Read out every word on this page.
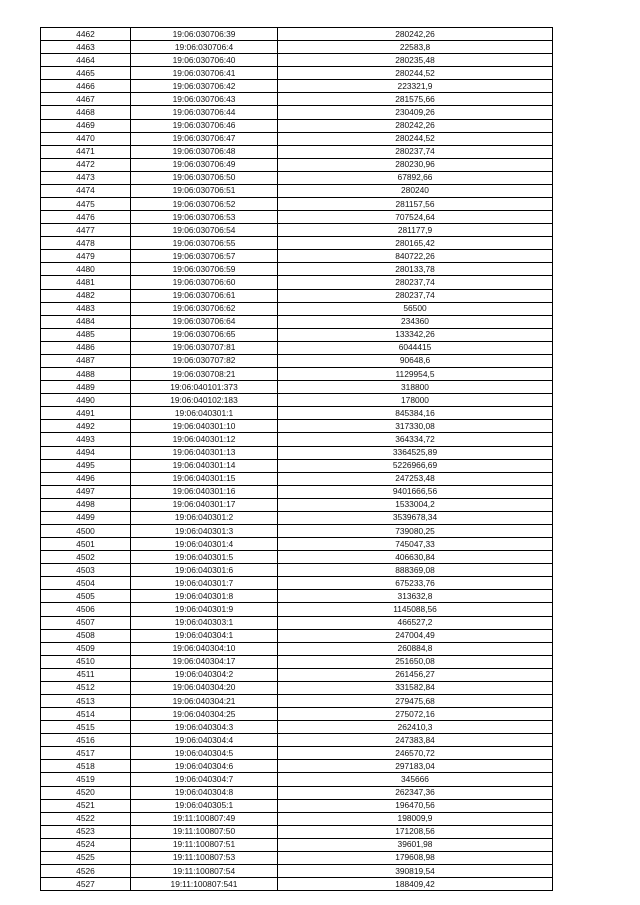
4462	19:06:030706:39	280242,26
4463	19:06:030706:4	22583,8
4464	19:06:030706:40	280235,48
4465	19:06:030706:41	280244,52
4466	19:06:030706:42	223321,9
4467	19:06:030706:43	281575,66
4468	19:06:030706:44	230409,26
4469	19:06:030706:46	280242,26
4470	19:06:030706:47	280244,52
4471	19:06:030706:48	280237,74
4472	19:06:030706:49	280230,96
4473	19:06:030706:50	67892,66
4474	19:06:030706:51	280240
4475	19:06:030706:52	281157,56
4476	19:06:030706:53	707524,64
4477	19:06:030706:54	281177,9
4478	19:06:030706:55	280165,42
4479	19:06:030706:57	840722,26
4480	19:06:030706:59	280133,78
4481	19:06:030706:60	280237,74
4482	19:06:030706:61	280237,74
4483	19:06:030706:62	56500
4484	19:06:030706:64	234360
4485	19:06:030706:65	133342,26
4486	19:06:030707:81	6044415
4487	19:06:030707:82	90648,6
4488	19:06:030708:21	1129954,5
4489	19:06:040101:373	318800
4490	19:06:040102:183	178000
4491	19:06:040301:1	845384,16
4492	19:06:040301:10	317330,08
4493	19:06:040301:12	364334,72
4494	19:06:040301:13	3364525,89
4495	19:06:040301:14	5226966,69
4496	19:06:040301:15	247253,48
4497	19:06:040301:16	9401666,56
4498	19:06:040301:17	1533004,2
4499	19:06:040301:2	3539678,34
4500	19:06:040301:3	739080,25
4501	19:06:040301:4	745047,33
4502	19:06:040301:5	406630,84
4503	19:06:040301:6	888369,08
4504	19:06:040301:7	675233,76
4505	19:06:040301:8	313632,8
4506	19:06:040301:9	1145088,56
4507	19:06:040303:1	466527,2
4508	19:06:040304:1	247004,49
4509	19:06:040304:10	260884,8
4510	19:06:040304:17	251650,08
4511	19:06:040304:2	261456,27
4512	19:06:040304:20	331582,84
4513	19:06:040304:21	279475,68
4514	19:06:040304:25	275072,16
4515	19:06:040304:3	262410,3
4516	19:06:040304:4	247383,84
4517	19:06:040304:5	246570,72
4518	19:06:040304:6	297183,04
4519	19:06:040304:7	345666
4520	19:06:040304:8	262347,36
4521	19:06:040305:1	196470,56
4522	19:11:100807:49	198009,9
4523	19:11:100807:50	171208,56
4524	19:11:100807:51	39601,98
4525	19:11:100807:53	179608,98
4526	19:11:100807:54	390819,54
4527	19:11:100807:541	188409,42
